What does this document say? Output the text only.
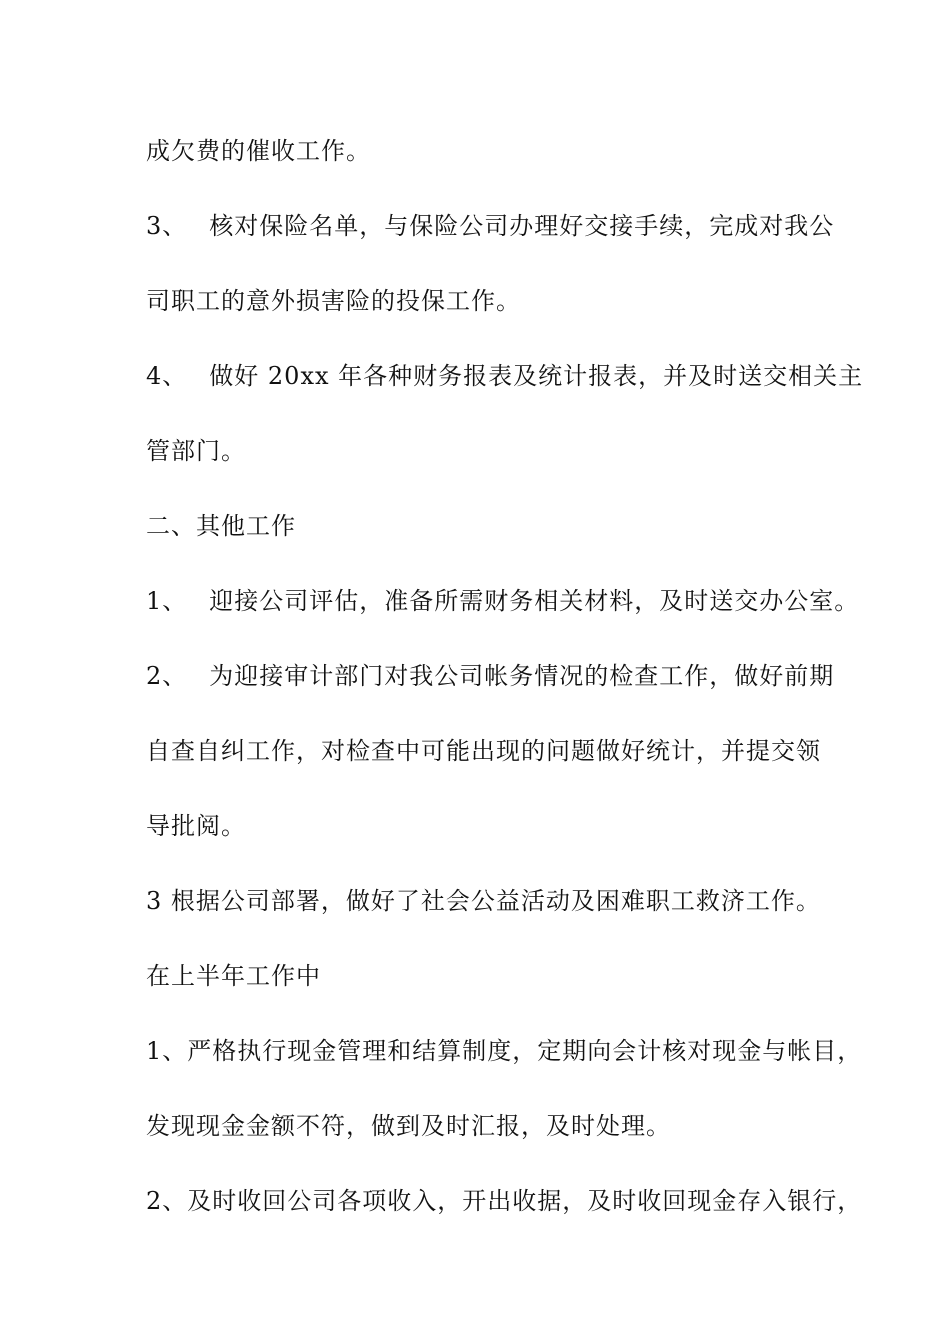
成欠费的催收工作。
3、 核对保险名单，与保险公司办理好交接手续，完成对我公
司职工的意外损害险的投保工作。
4、 做好 20xx 年各种财务报表及统计报表，并及时送交相关主
管部门。
二、其他工作
1、 迎接公司评估，准备所需财务相关材料，及时送交办公室。
2、 为迎接审计部门对我公司帐务情况的检查工作，做好前期
自查自纠工作，对检查中可能出现的问题做好统计，并提交领
导批阅。
3 根据公司部署，做好了社会公益活动及困难职工救济工作。
在上半年工作中
1、严格执行现金管理和结算制度，定期向会计核对现金与帐目，
发现现金金额不符，做到及时汇报，及时处理。
2、及时收回公司各项收入，开出收据，及时收回现金存入银行，
